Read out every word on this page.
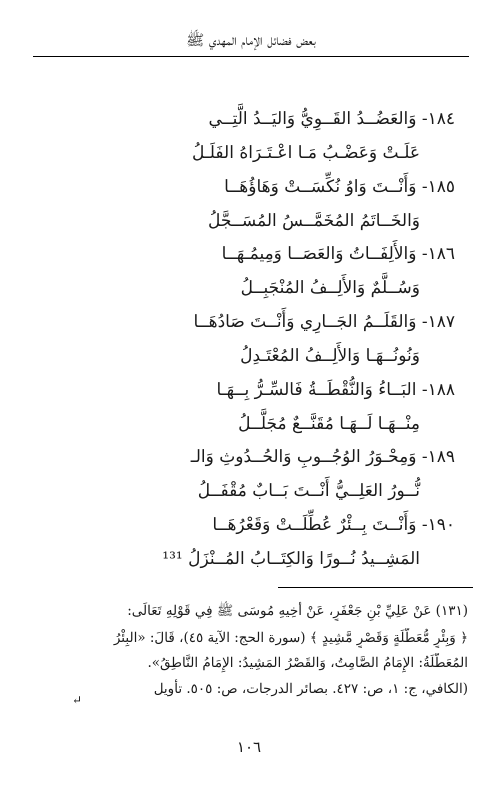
بعض فضائل الإمام المهدي ﷺ
١٨٤- وَالعَضُــدُ القَــوِيُّ وَاليَــدُ الَّتِــي
عَلَـتْ وَعَضْـبُ مَـا اعْـتَـرَاهُ الفَلَـلُ
١٨٥- وَأَنْــتَ وَاوُ نُكِّسَــتْ وَهَاؤُهَــا
وَالخَــاتَمُ المُخَمَّــسُ المُسَــجَّلُ
١٨٦- وَالأَلِفَــاتُ وَالعَصَــا وَمِيمُـهَــا
وَسُــلَّمٌ وَالأَلِــفُ المُنْجَبِــلُ
١٨٧- وَالقَلَــمُ الجَــارِي وَأَنْــتَ صَادُهَــا
وَنُونُــهَـا وَالأَلِــفُ المُعْتَـدِلُ
١٨٨- البَــاءُ وَالنُّقْطَــةُ فَالسِّـرُّ بِــهَـا
مِنْــهَـا لَــهَـا مُقَنَّــعٌ مُجَلَّــلُ
١٨٩- وَمِحْـوَرُ الوُجُــوبِ وَالحُــدُوثِ وَالـ
نُّــورُ العَلِــيُّ أَنْــتَ بَــابٌ مُقْفَــلُ
١٩٠- وَأَنْــتَ بِــئْرٌ عُطِّلَــتْ وَقَعْرُهَــا
المَشِــيدُ نُــورًا وَالكِتَــابُ المُــنْزَلُ ¹³¹
(١٣١) عَنْ عَلِيِّ بْنِ جَعْفَرٍ، عَنْ أَخِيهِ مُوسَى ﷺ فِي قَوْلِهِ تَعَالَى:
﴿ وَبِئْرٍ مُّعَطَّلَةٍ وَقَصْرٍ مَّشِيدٍ ﴾ (سورة الحج: الآية ٤٥)، قَالَ: «البِئْرُ
المُعَطَّلَةُ: الإِمَامُ الصَّامِتُ، وَالقَصْرُ المَشِيدُ: الإِمَامُ النَّاطِقُ».
(الكافي، ج: ١، ص: ٤٢٧. بصائر الدرجات، ص: ٥٠٥. تأويل
↵
١٠٦
